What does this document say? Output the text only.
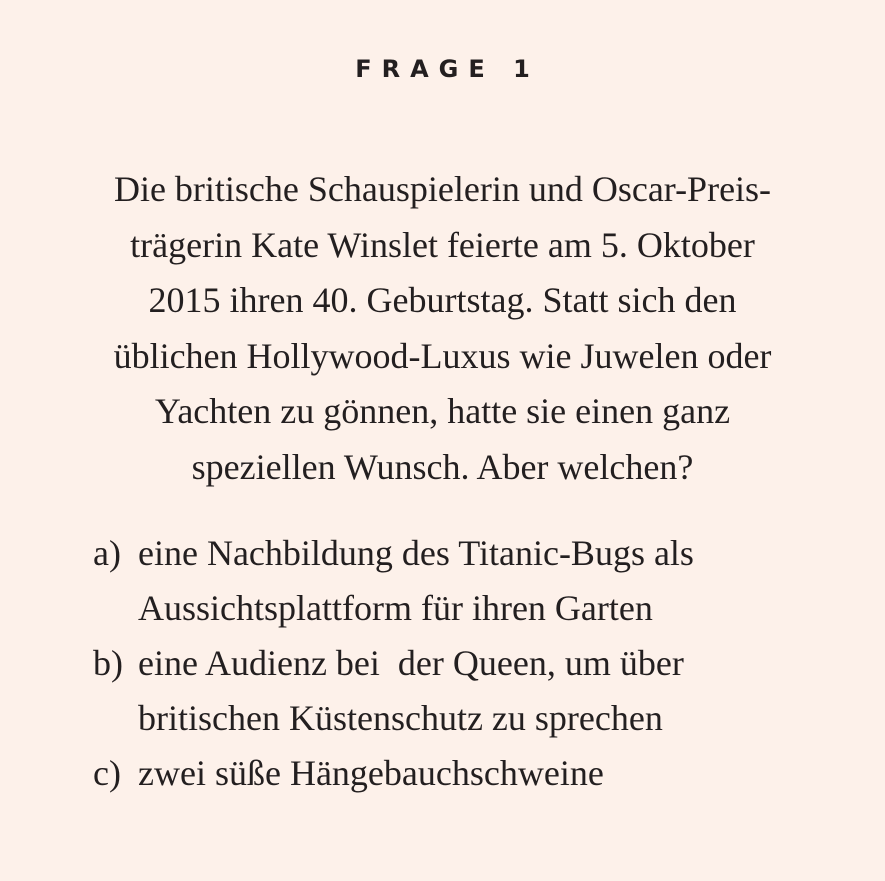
FRAGE 1
Die britische Schauspielerin und Oscar-Preis-
trägerin Kate Winslet feierte am 5. Oktober
2015 ihren 40. Geburtstag. Statt sich den
üblichen Hollywood-Luxus wie Juwelen oder
Yachten zu gönnen, hatte sie einen ganz
speziellen Wunsch. Aber welchen?
a) eine Nachbildung des Titanic-Bugs als
Aussichtsplattform für ihren Garten
b) eine Audienz bei  der Queen, um über
britischen Küstenschutz zu sprechen
c) zwei süße Hängebauchschweine
